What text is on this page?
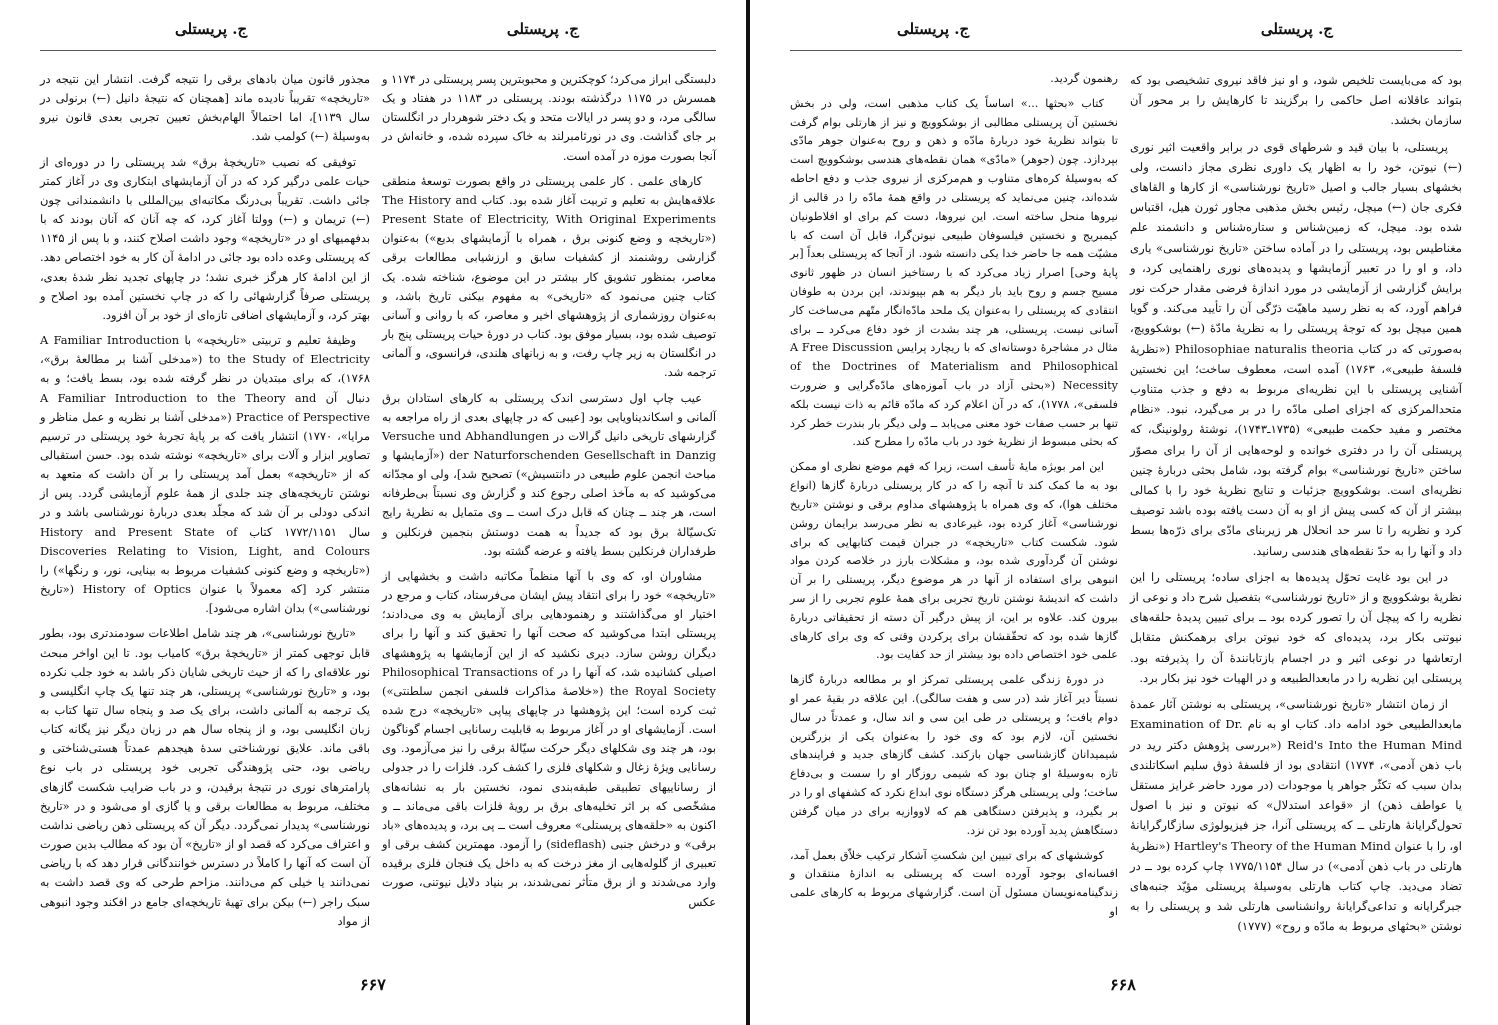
ج. پریستلی
ج. پریستلی

دلبستگی ابراز می‌کرد؛ کوچکترین و محبوبترین پسر پریستلی در ۱۱۷۴ و همسرش در ۱۱۷۵ درگذشته بودند. پریستلی در ۱۱۸۳ در هفتاد و یک سالگی مرد، و دو پسر در ایالات متحد و یک دختر شوهردار در انگلستان بر جای گذاشت. وی در نورثامبرلند به خاک سپرده شده، و خانه‌اش در آنجا بصورت موزه در آمده است.

کارهای علمی . کار علمی پریستلی در واقع بصورت توسعهٔ منطقی علاقه‌هایش به تعلیم و تربیت آغاز شده بود. کتاب The History and Present State of Electricity, With Original Experiments («تاریخچه و وضع کنونی برق ، همراه با آزمایشهای بدیع») به‌عنوان گزارشی روشنمند از کشفیات سابق و ارزشیابی مطالعات برقی معاصر، بمنظور تشویق کار بیشتر در این موضوع، شناخته شده. یک کتاب چنین می‌نمود که «تاریخی» به مفهوم بیکنی تاریخ باشد، و به‌عنوان روزشماری از پژوهشهای اخیر و معاصر، که با روانی و آسانی توصیف شده بود، بسیار موفق بود. کتاب در دورهٔ حیات پریستلی پنج بار در انگلستان به زیر چاپ رفت، و به زبانهای هلندی، فرانسوی، و آلمانی ترجمه شد.

عیب چاپ اول دسترسی اندک پریستلی به کارهای استادان برق آلمانی و اسکاندیناویایی بود [عیبی که در چاپهای بعدی از راه مراجعه به گزارشهای تاریخی دانیل گرالات در Versuche und Abhandlungen der Naturforschenden Gesellschaft in Danzig («آزمایشها و مباحث انجمن علوم طبیعی در دانتسیش») تصحیح شد]، ولی او مجدّانه می‌کوشید که به مآخذ اصلی رجوع کند و گزارش وی نسبتاً بی‌طرفانه است، هر چند ــ چنان که قابل درک است ــ وی متمایل به نظریهٔ رایج تک‌سیّالهٔ برق بود که جدیداً به همت دوستش بنجمین فرنکلین و طرفداران فرنکلین بسط یافته و عرضه گشته بود.

مشاوران او، که وی با آنها منظماً مکاتبه داشت و بخشهایی از «تاریخچه» خود را برای انتقاد پیش ایشان می‌فرستاد، کتاب و مرجع در اختیار او می‌گذاشتند و رهنمودهایی برای آزمایش به وی می‌دادند؛ پریستلی ابتدا می‌کوشید که صحت آنها را تحقیق کند و آنها را برای دیگران روشن سازد. دیری نکشید که از این آزمایشها به پژوهشهای اصیلی کشانیده شد، که آنها را در Philosophical Transactions of the Royal Society («خلاصهٔ مذاکرات فلسفی انجمن سلطنتی») ثبت کرده است؛ این پژوهشها در چاپهای پیاپی «تاریخچه» درج شده است. آزمایشهای او در آغاز مربوط به قابلیت رسانایی اجسام گوناگون بود، هر چند وی شکلهای دیگر حرکت سیّالهٔ برقی را نیز می‌آزمود. وی رسانایی ویژهٔ زغال و شکلهای فلزی را کشف کرد. فلزات را در جدولی از رساناییهای تطبیقی طبقه‌بندی نمود، نخستین بار به نشانه‌های مشخّصی که بر اثر تخلیه‌های برق بر رویهٔ فلزات باقی می‌ماند ــ و اکنون به «حلقه‌های پریستلی» معروف است ــ پی برد، و پدیده‌های «باد برقی» و درخش جنبی (sideflash) را آزمود. مهمترین کشف برقی او تعبیری از گلوله‌هایی از مغز درخت که به داخل یک فنجان فلزی برقیده وارد می‌شدند و از برق متأثر نمی‌شدند، بر بنیاد دلایل نیوتنی، صورت عکس

مجذور قانون میان بادهای برقی را نتیجه گرفت. انتشار این نتیجه در «تاریخچه» تقریباً نادیده ماند [همچنان که نتیجهٔ دانیل (←) برنولی در سال ۱۱۳۹]، اما احتمالاً الهام‌بخش تعیین تجربی بعدی قانون نیرو به‌وسیلهٔ (←) کولمب شد.

توفیقی که نصیب «تاریخچهٔ برق» شد پریستلی را در دوره‌ای از حیات علمی درگیر کرد که در آن آزمایشهای ابتکاری وی در آغاز کمتر جائی داشت. تقریباً بی‌درنگ مکاتبه‌ای بین‌المللی با دانشمندانی چون (←) تریمان و (←) وولتا آغاز کرد، که چه آنان که آنان بودند که با بدفهمیهای او در «تاریخچه» وجود داشت اصلاح کنند، و با پس از ۱۱۴۵ که پریستلی وعده داده بود جائی در ادامهٔ آن کار به خود اختصاص دهد. از این ادامهٔ کار هرگز خبری نشد؛ در چاپهای تجدید نظر شدهٔ بعدی، پریستلی صرفاً گزارشهائی را که در چاپ نخستین آمده بود اصلاح و بهتر کرد، و آزمایشهای اضافی تازه‌ای از خود بر آن افزود.

وظیفهٔ تعلیم و تربیتی «تاریخچه» با A Familiar Introduction to the Study of Electricity («مدخلی آشنا بر مطالعهٔ برق»، ۱۷۶۸)، که برای مبتدیان در نظر گرفته شده بود، بسط یافت؛ و به دنبال آن A Familiar Introduction to the Theory and Practice of Perspective («مدخلی آشنا بر نظریه و عمل مناظر و مرایا»، ۱۷۷۰) انتشار یافت که بر پایهٔ تجربهٔ خود پریستلی در ترسیم تصاویر ابزار و آلات برای «تاریخچه» نوشته شده بود. حسن استقبالی که از «تاریخچه» بعمل آمد پریستلی را بر آن داشت که متعهد به نوشتن تاریخچه‌های چند جلدی از همهٔ علوم آزمایشی گردد. پس از اندکی دودلی بر آن شد که مجلّد بعدی دربارهٔ نورشناسی باشد و در سال ۱۷۷۲/۱۱۵۱ کتاب History and Present State of Discoveries Relating to Vision, Light, and Colours («تاریخچه و وضع کنونی کشفیات مربوط به بینایی، نور، و رنگها») را منتشر کرد [که معمولاً با عنوان History of Optics («تاریخ نورشناسی») بدان اشاره می‌شود].

«تاریخ نورشناسی»، هر چند شامل اطلاعات سودمندتری بود، بطور قابل توجهی کمتر از «تاریخچهٔ برق» کامیاب بود. تا این اواخر مبحث نور علاقه‌ای را که از حیث تاریخی شایان ذکر باشد به خود جلب نکرده بود، و «تاریخ نورشناسی» پریستلی، هر چند تنها یک چاپ انگلیسی و یک ترجمه به آلمانی داشت، برای یک صد و پنجاه سال تنها کتاب به زبان انگلیسی بود، و از پنجاه سال هم در زبان دیگر نیز یگانه کتاب باقی ماند. علایق نورشناختی سدهٔ هیجدهم عمدتاً هستی‌شناختی و ریاضی بود، حتی پژوهندگی تجربی خود پریستلی در باب نوع پارامترهای نوری در نتیجهٔ برقیدن، و در باب ضرایب شکست گازهای مختلف، مربوط به مطالعات برقی و یا گازی او می‌شود و در «تاریخ نورشناسی» پدیدار نمی‌گردد. دیگر آن که پریستلی ذهن ریاضی نداشت و اعتراف می‌کرد که قصد او از «تاریخ» آن بود که مطالب بدین صورت آن است که آنها را کاملاً در دسترس خوانندگانی قرار دهد که با ریاضی نمی‌دانند یا خیلی کم می‌دانند. مزاحم طرحی که وی قصد داشت به سبک راجر (←) بیکن برای تهیهٔ تاریخچه‌ای جامع در افکند وجود انبوهی از مواد

۶۶۷
ج. پریستلی
ج. پریستلی

بود که می‌بایست تلخیص شود، و او نیز فاقد نیروی تشخیصی بود که بتواند عاقلانه اصل حاکمی را برگزیند تا کارهایش را بر محور آن سازمان بخشد.

پریستلی، با بیان قید و شرطهای قوی در برابر واقعیت اثیر نوری (←) نیوتن، خود را به اظهار یک داوری نظری مجاز دانست، ولی بخشهای بسیار جالب و اصیل «تاریخ نورشناسی» از کارها و القاهای فکری جان (←) میچل، رئیس بخش مذهبی مجاور ثورن هیل، اقتباس شده بود. میچل، که زمین‌شناس و ستاره‌شناس و دانشمند علم مغناطیس بود، پریستلی را در آماده ساختن «تاریخ نورشناسی» یاری داد، و او را در تعبیر آزمایشها و پدیده‌های نوری راهنمایی کرد، و برایش گزارشی از آزمایشی در مورد اندازهٔ فرضی مقدار حرکت نور فراهم آورد، که به نظر رسید ماهیّت ذرّگی آن را تأیید می‌کند. و گویا همین میچل بود که توجهٔ پریستلی را به نظریهٔ مادّهٔ (←) بوشکوویچ، به‌صورتی که در کتاب Philosophiae naturalis theoria («نظریهٔ فلسفهٔ طبیعی»، ۱۷۶۳) آمده است، معطوف ساخت؛ این نخستین آشنایی پریستلی با این نظریه‌ای مربوط به دفع و جذب متناوب متحدالمرکزی که اجزای اصلی مادّه را در بر می‌گیرد، نبود. «نظام مختصر و مفید حکمت طبیعی» (۱۷۳۵ـ۱۷۴۳)، نوشتهٔ رولونینگ، که پریستلی آن را در دفتری خوانده و لوحه‌هایی از آن را برای مصوّر ساختن «تاریخ نورشناسی» بوام گرفته بود، شامل بحثی دربارهٔ چنین نظریه‌ای است. بوشکوویچ جزئیات و تنایج نظریهٔ خود را با کمالی بیشتر از آن که کسی پیش از او به آن دست یافته بوده باشد توصیف کرد و نظریه را تا سر حد انحلال هر زیربنای مادّی برای ذرّه‌ها بسط داد و آنها را به حدّ نقطه‌های هندسی رسانید.

در این بود غایت تحوّل پدیده‌ها به اجزای ساده؛ پریستلی را این نظریهٔ بوشکوویچ و از «تاریخ نورشناسی» بتفصیل شرح داد و نوعی از نظریه را که پیچل آن را تصور کرده بود ــ برای تبیین پدیدهٔ حلقه‌های نیوتنی بکار برد، پدیده‌ای که خود نیوتن برای برهمکنش متقابل ارتعاشها در نوعی اثیر و در اجسام بازتابانندهٔ آن را پذیرفته بود. پریستلی این نظریه را در مابعدالطبیعه و در الهیات خود نیز بکار برد.

از زمان انتشار «تاریخ نورشناسی»، پریستلی به نوشتن آثار عمدهٔ مابعدالطبیعی خود ادامه داد. کتاب او به نام Examination of Dr. Reid's Into the Human Mind («بررسی پژوهش دکتر رید در باب ذهن آدمی»، ۱۷۷۴) انتقادی بود از فلسفهٔ ذوق سلیم اسکاتلندی بدان سبب که تکثّر جواهر یا موجودات (در مورد حاضر غرایز مستقل یا عواطف ذهن) از «قواعد استدلال» که نیوتن و نیز با اصول تحول‌گرایانهٔ هارتلی ــ که پریستلی آنرا، جز فیزیولوژی سازگارگرایانهٔ او، را با عنوان Hartley's Theory of the Human Mind («نظریهٔ هارتلی در باب ذهن آدمی») در سال ۱۷۷۵/۱۱۵۴ چاپ کرده بود ــ در تضاد می‌دید. چاپ کتاب هارتلی به‌وسیلهٔ پریستلی مؤیّد جنبه‌های جبرگرایانه و تداعی‌گرایانهٔ روانشناسی هارتلی شد و پریستلی را به نوشتن «بحثهای مربوط به مادّه و روح» (۱۷۷۷)

رهنمون گردید.

کتاب «بحثها ...» اساساً یک کتاب مذهبی است، ولی در بخش نخستین آن پریستلی مطالبی از بوشکوویچ و نیز از هارتلی بوام گرفت تا بتواند نظریهٔ خود دربارهٔ مادّه و ذهن و روح به‌عنوان جوهر مادّی بپردازد. چون (جوهر) «مادّی» همان نقطه‌های هندسی بوشکوویچ است که به‌وسیلهٔ کره‌های متناوب و هم‌مرکزی از نیروی جذب و دفع احاطه شده‌اند، چنین می‌نماید که پریستلی در واقع همهٔ مادّه را در قالبی از نیروها منحل ساخته است. این نیروها، دست کم برای او افلاطونیان کیمبریج و نخستین فیلسوفان طبیعی نیوتن‌گرا، قابل آن است که با مشیّت همه جا حاضر خدا یکی دانسته شود. از آنجا که پریستلی بعداً [بر پایهٔ وحی] اصرار زیاد می‌کرد که با رستاخیز انسان در ظهور ثانوی مسیح جسم و روح باید بار دیگر به هم بپیوندند، این بردن به طوفان انتقادی که پریستلی را به‌عنوان یک ملحد مادّه‌انگار متّهم می‌ساخت کار آسانی نیست. پریستلی، هر چند بشدت از خود دفاع می‌کرد ــ برای مثال در مشاجرهٔ دوستانه‌ای که با ریچارد پرایس A Free Discussion of the Doctrines of Materialism and Philosophical Necessity («بحثی آزاد در باب آموزه‌های مادّه‌گرایی و ضرورت فلسفی»، ۱۷۷۸)، که در آن اعلام کرد که مادّه قائم به ذات نیست بلکه تنها بر حسب صفات خود معنی می‌یابد ــ ولی دیگر بار بندرت خطر کرد که بحثی مبسوط از نظریهٔ خود در باب مادّه را مطرح کند.

این امر بویژه مایهٔ تأسف است، زیرا که فهم موضع نظری او ممکن بود به ما کمک کند تا آنچه را که در کار پریستلی دربارهٔ گازها (انواع مختلف هوا)، که وی همراه با پژوهشهای مداوم برقی و نوشتن «تاریخ نورشناسی» آغاز کرده بود، غیرعادی به نظر می‌رسد برایمان روشن شود. شکست کتاب «تاریخچه» در جبران قیمت کتابهایی که برای نوشتن آن گردآوری شده بود، و مشکلات بارز در خلاصه کردن مواد انبوهی برای استفاده از آنها در هر موضوع دیگر، پریستلی را بر آن داشت که اندیشهٔ نوشتن تاریخ تجربی برای همهٔ علوم تجربی را از سر بیرون کند. علاوه بر این، از پیش درگیر آن دسته از تحقیقاتی دربارهٔ گازها شده بود که تحقّقشان برای پرکردن وقتی که وی برای کارهای علمی خود اختصاص داده بود بیشتر از حد کفایت بود.

در دورهٔ زندگی علمی پریستلی تمرکز او بر مطالعه دربارهٔ گازها نسبتاً دیر آغاز شد (در سی و هفت سالگی). این علاقه در بقیهٔ عمر او دوام یافت؛ و پریستلی در طی این سی و اند سال، و عمدتاً در سال نخستین آن، لازم بود که وی خود را به‌عنوان یکی از بزرگترین شیمیدانان گازشناسی جهان بازکند. کشف گازهای جدید و فرایندهای تازه به‌وسیلهٔ او چنان بود که شیمی روزگار او را سست و بی‌دفاع ساخت؛ ولی پریستلی هرگز دستگاه نوی ابداع نکرد که کشفهای او را در بر بگیرد، و پذیرفتن دستگاهی هم که لاووازیه برای در میان گرفتن دستگاهش پدید آورده بود تن نزد.

کوششهای که برای تبیین این شکستِ آشکار ترکیب خلاّق بعمل آمد، افسانه‌ای بوجود آورده است که پریستلی به اندازهٔ منتقدان و زندگینامه‌نویسان مسئول آن است. گزارشهای مربوط به کارهای علمی او

۶۶۸
